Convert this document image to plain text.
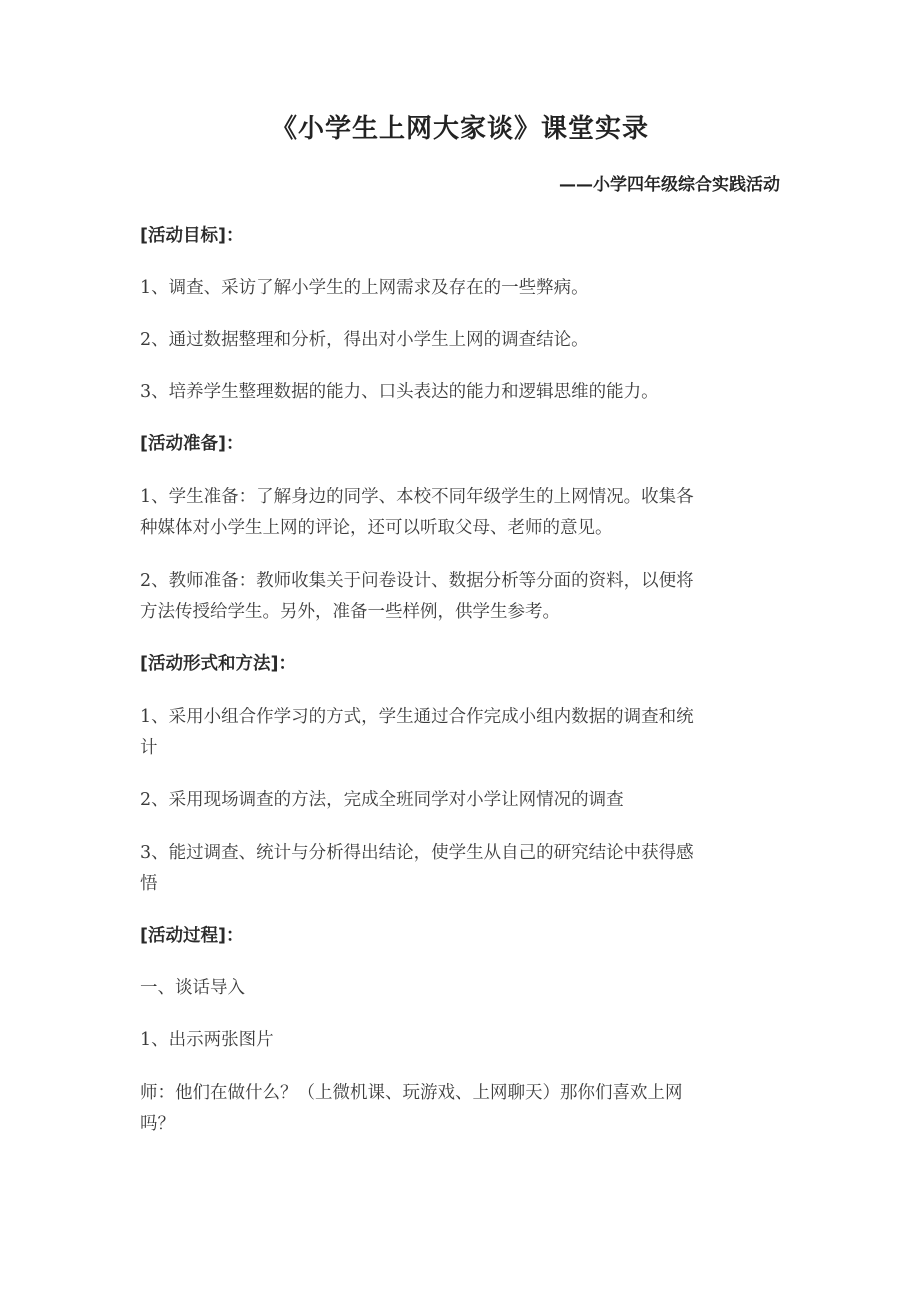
《小学生上网大家谈》课堂实录
——小学四年级综合实践活动
[活动目标]：
1、调查、采访了解小学生的上网需求及存在的一些弊病。
2、通过数据整理和分析，得出对小学生上网的调查结论。
3、培养学生整理数据的能力、口头表达的能力和逻辑思维的能力。
[活动准备]：
1、学生准备：了解身边的同学、本校不同年级学生的上网情况。收集各
种媒体对小学生上网的评论，还可以听取父母、老师的意见。
2、教师准备：教师收集关于问卷设计、数据分析等分面的资料，以便将
方法传授给学生。另外，准备一些样例，供学生参考。
[活动形式和方法]：
1、采用小组合作学习的方式，学生通过合作完成小组内数据的调查和统
计
2、采用现场调查的方法，完成全班同学对小学让网情况的调查
3、能过调查、统计与分析得出结论，使学生从自己的研究结论中获得感
悟
[活动过程]：
一、谈话导入
1、出示两张图片
师：他们在做什么？（上微机课、玩游戏、上网聊天）那你们喜欢上网
吗？
